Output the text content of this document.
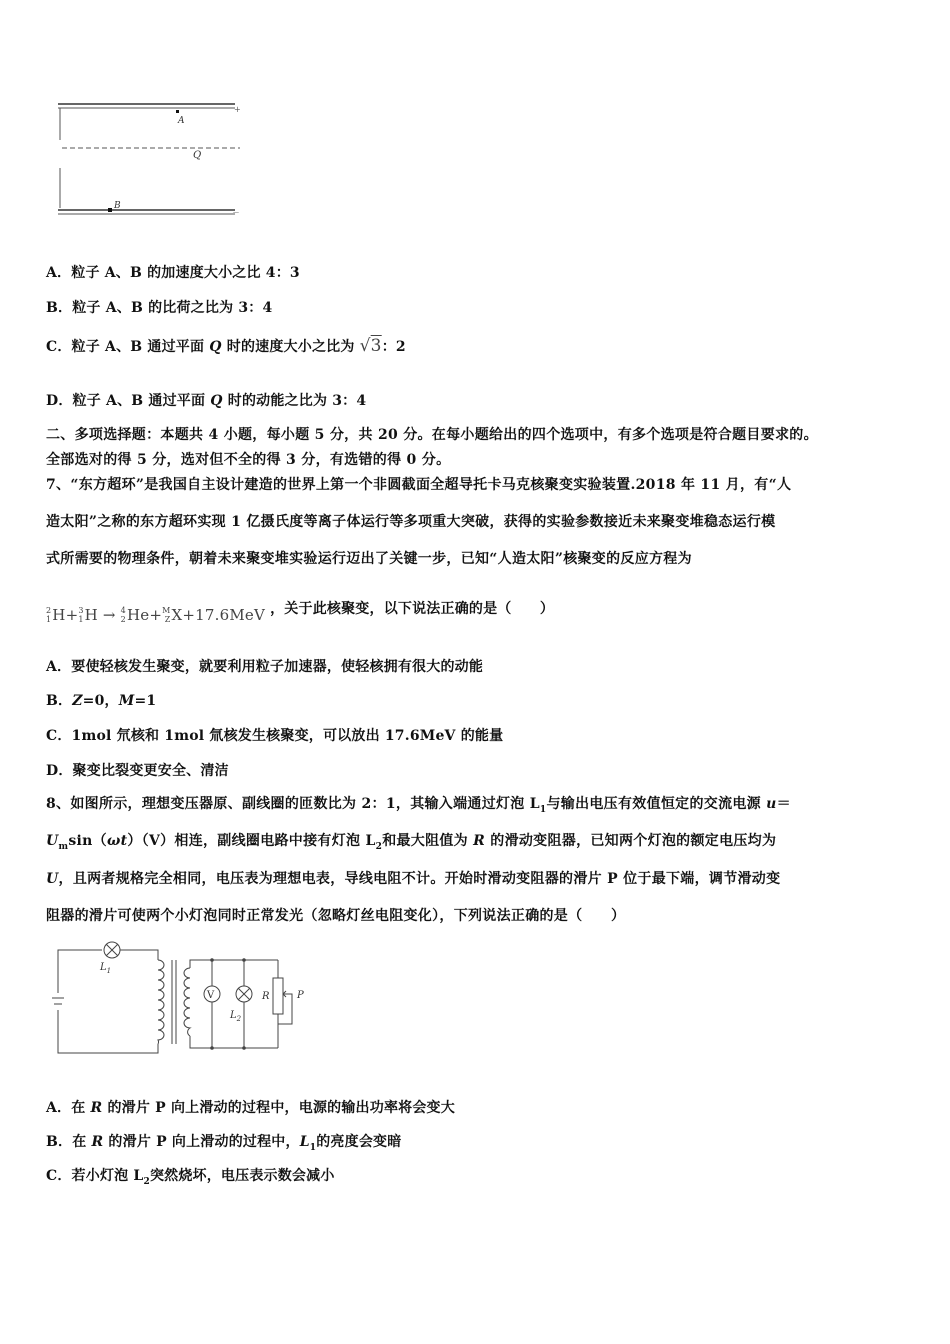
A
Q
B
+
—
A．粒子 A、B 的加速度大小之比 4：3
B．粒子 A、B 的比荷之比为 3：4
C．粒子 A、B 通过平面 Q 时的速度大小之比为 √3：2
D．粒子 A、B 通过平面 Q 时的动能之比为 3：4
二、多项选择题：本题共 4 小题，每小题 5 分，共 20 分。在每小题给出的四个选项中，有多个选项是符合题目要求的。
全部选对的得 5 分，选对但不全的得 3 分，有选错的得 0 分。
7、“东方超环”是我国自主设计建造的世界上第一个非圆截面全超导托卡马克核聚变实验装置.2018 年 11 月，有“人
造太阳”之称的东方超环实现 1 亿摄氏度等离子体运行等多项重大突破，获得的实验参数接近未来聚变堆稳态运行模
式所需要的物理条件，朝着未来聚变堆实验运行迈出了关键一步，已知“人造太阳”核聚变的反应方程为
2
1 H + 3
1 H → 4
2 He + M
Z X +17.6MeV ，关于此核聚变，以下说法正确的是（　　）
A．要使轻核发生聚变，就要利用粒子加速器，使轻核拥有很大的动能
B．Z=0，M=1
C．1mol 氘核和 1mol 氚核发生核聚变，可以放出 17.6MeV 的能量
D．聚变比裂变更安全、清洁
8、如图所示，理想变压器原、副线圈的匝数比为 2：1，其输入端通过灯泡 $L_1$与输出电压有效值恒定的交流电源 u＝
$U_m\sin(\omega t)(V)$相连，副线圈电路中接有灯泡 $L_2$和最大阻值为 R 的滑动变阻器，已知两个灯泡的额定电压均为
U，且两者规格完全相同，电压表为理想电表，导线电阻不计。开始时滑动变阻器的滑片 P 位于最下端，调节滑动变
阻器的滑片可使两个小灯泡同时正常发光（忽略灯丝电阻变化），下列说法正确的是（　　）
$L_1$
V
$L_2$
R	P
A．在 R 的滑片 P 向上滑动的过程中，电源的输出功率将会变大
B．在 R 的滑片 P 向上滑动的过程中，$L_1$的亮度会变暗
C．若小灯泡 $L_2$突然烧坏，电压表示数会减小
